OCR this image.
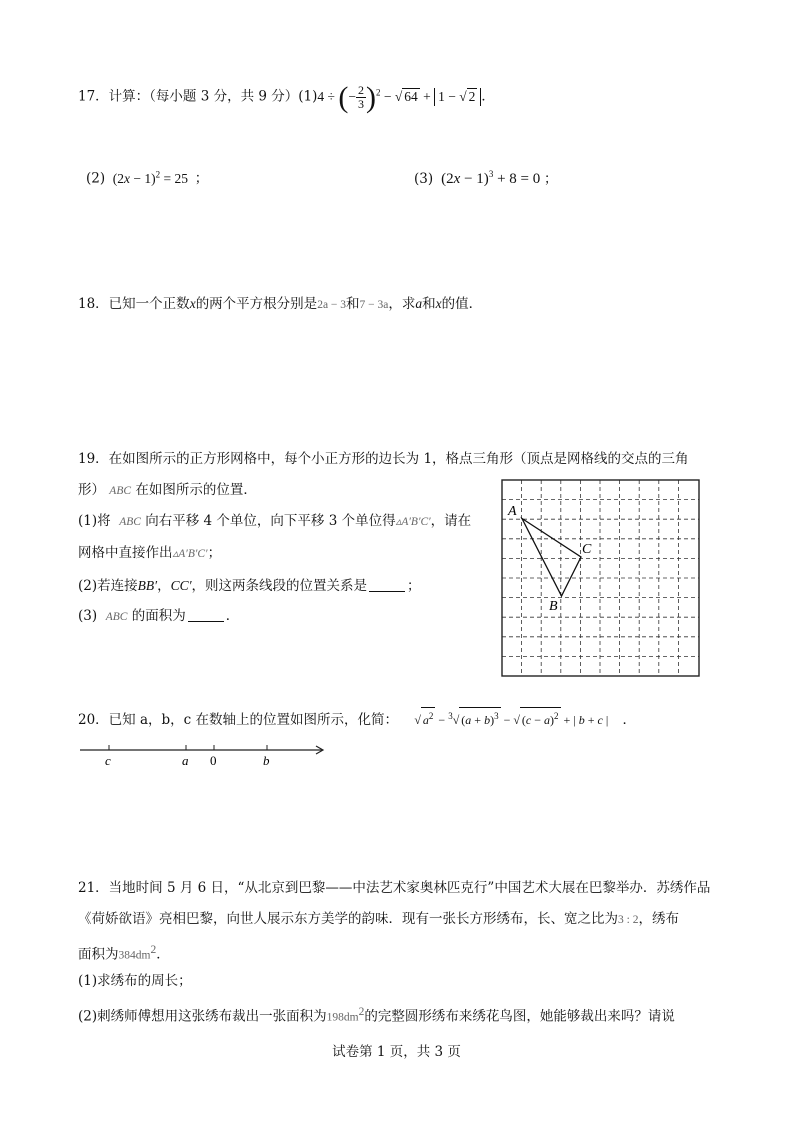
17．计算：（每小题 3 分，共 9 分）(1)4 ÷ (− $\frac{2}{3} )^2$ − √ 64 + 1 − √ 2 ．
(2)  $(2x - 1)^2 = 25$  ；	(3)  $(2x - 1)^3 + 8 = 0$ ；
18．已知一个正数x的两个平方根分别是2a − 3和7 − 3a，求a和x的值．
19．在如图所示的正方形网格中，每个小正方形的边长为 1，格点三角形（顶点是网格线的交点的三角
形） ABC 在如图所示的位置．
(1)将 ABC 向右平移 4 个单位，向下平移 3 个单位得▵A′B′C′，请在
网格中直接作出▵A′B′C′；
(2)若连接BB′，CC′，则这两条线段的位置关系是	；
(3) ABC 的面积为	．
A
C
B
20．已知 a，b，c 在数轴上的位置如图所示，化简： √ $a^2 - ^3√$ $(a + b)^3$ − √ $(c - a)^2$ + | b + c | ．
c	a 0	b
21．当地时间 5 月 6 日，“从北京到巴黎——中法艺术家奥林匹克行”中国艺术大展在巴黎举办．苏绣作品
《荷娇欲语》亮相巴黎，向世人展示东方美学的韵味．现有一张长方形绣布，长、宽之比为3 : 2，绣布
面积为$384dm^2$．
(1)求绣布的周长；
(2)刺绣师傅想用这张绣布裁出一张面积为$198dm^2$的完整圆形绣布来绣花鸟图，她能够裁出来吗？请说
试卷第 1 页，共 3 页
